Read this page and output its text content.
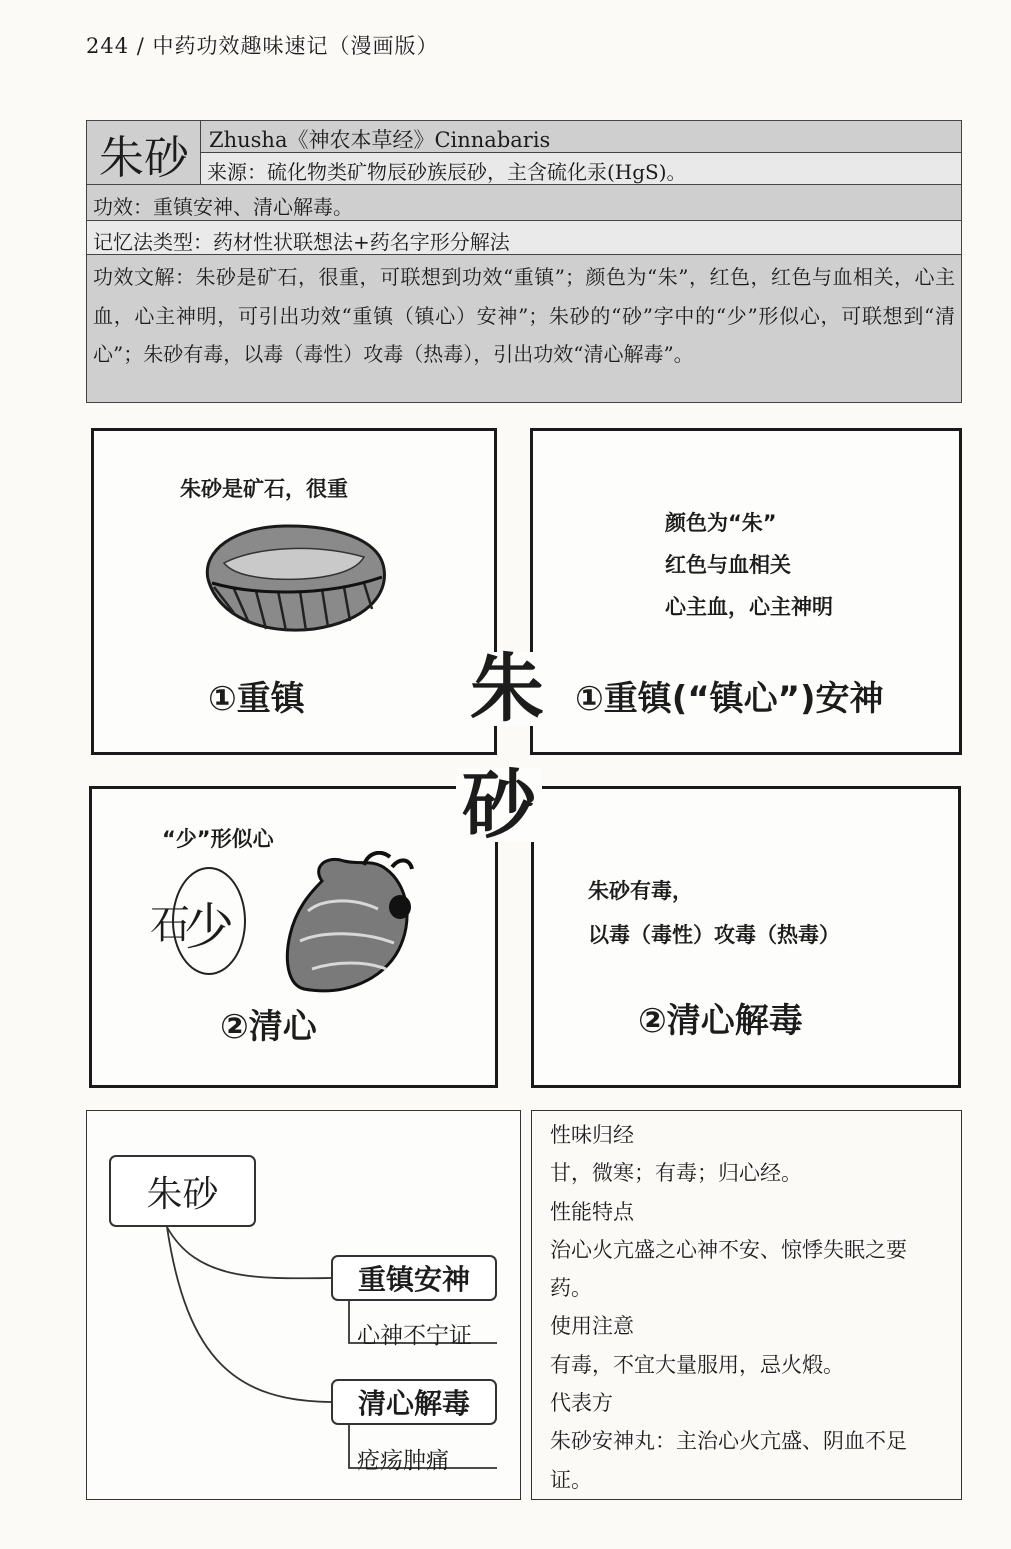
244 / 中药功效趣味速记（漫画版）
朱砂 Zhusha《神农本草经》Cinnabaris
来源：硫化物类矿物辰砂族辰砂，主含硫化汞(HgS)。
功效：重镇安神、清心解毒。
记忆法类型：药材性状联想法+药名字形分解法
功效文解：朱砂是矿石，很重，可联想到功效“重镇”；颜色为“朱”，红色，红色与血相关，心主血，心主神明，可引出功效“重镇（镇心）安神”；朱砂的“砂”字中的“少”形似心，可联想到“清心”；朱砂有毒，以毒（毒性）攻毒（热毒），引出功效“清心解毒”。
朱砂是矿石，很重
①重镇
颜色为“朱”
红色与血相关
心主血，心主神明
①重镇(“镇心”)安神
“少”形似心
石
少
②清心
朱砂有毒，
以毒（毒性）攻毒（热毒）
②清心解毒
朱
砂
朱砂
重镇安神
心神不宁证
清心解毒
疮疡肿痛
性味归经
甘，微寒；有毒；归心经。
性能特点
治心火亢盛之心神不安、惊悸失眠之要药。
使用注意
有毒，不宜大量服用，忌火煅。
代表方
朱砂安神丸：主治心火亢盛、阴血不足证。
